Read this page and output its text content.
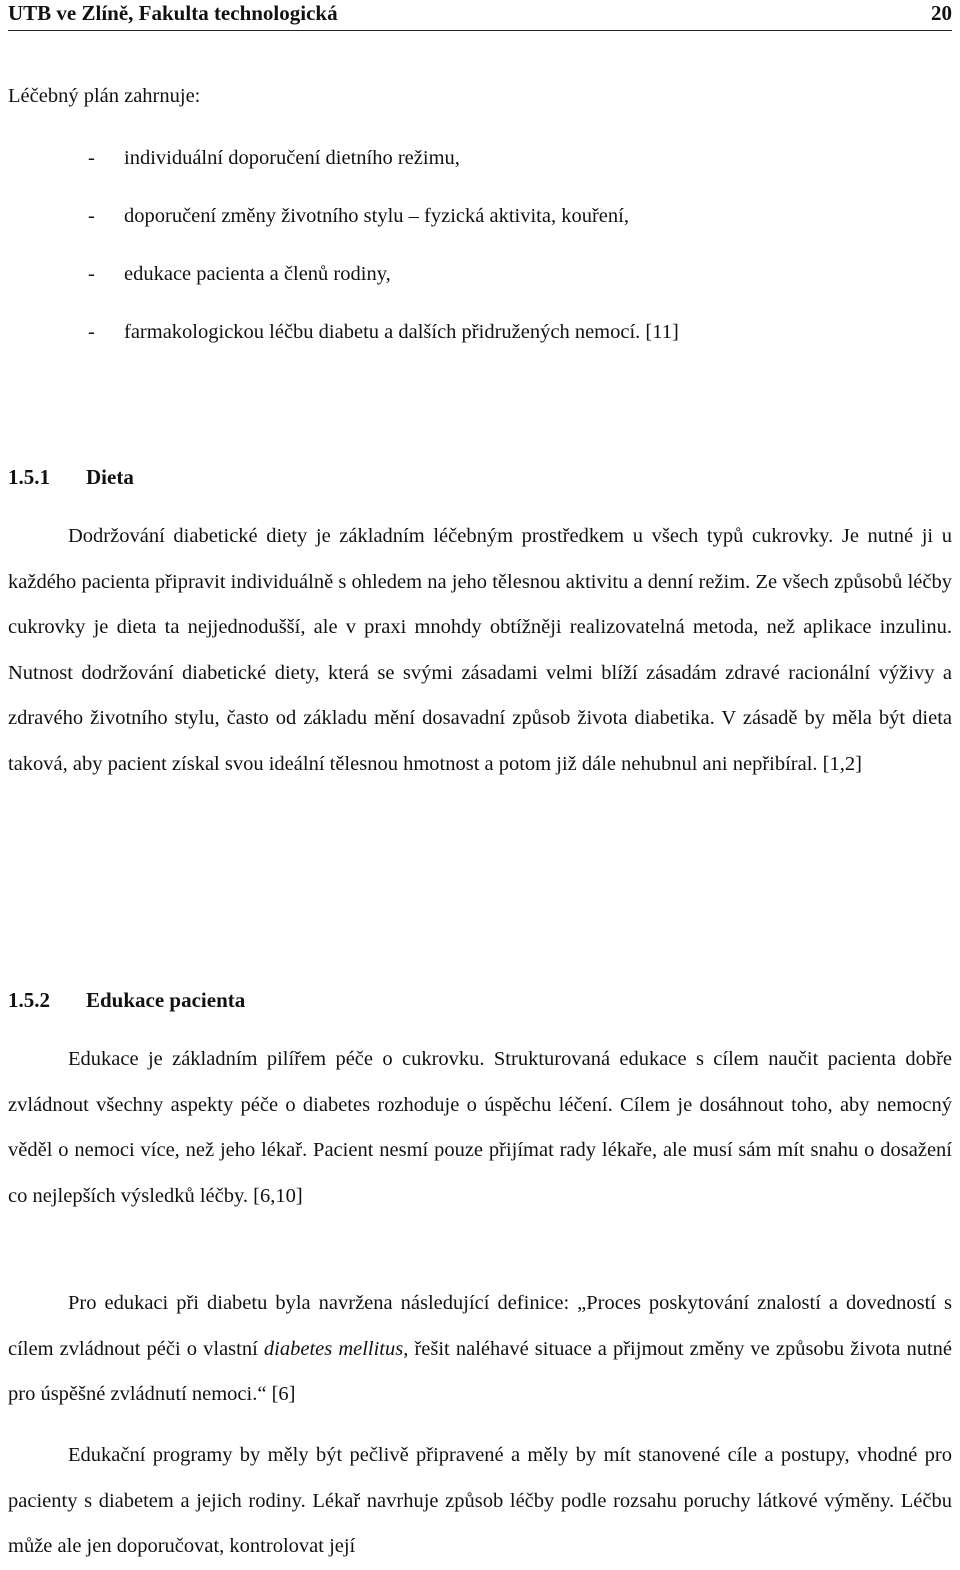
UTB ve Zlíně, Fakulta technologická	20
Léčebný plán zahrnuje:
- individuální doporučení dietního režimu,
- doporučení změny životního stylu – fyzická aktivita, kouření,
- edukace pacienta a členů rodiny,
- farmakologickou léčbu diabetu a dalších přidružených nemocí. [11]
1.5.1 Dieta

Dodržování diabetické diety je základním léčebným prostředkem u všech typů cukrovky. Je nutné ji u každého pacienta připravit individuálně s ohledem na jeho tělesnou aktivitu a denní režim. Ze všech způsobů léčby cukrovky je dieta ta nejjednodušší, ale v praxi mnohdy obtížněji realizovatelná metoda, než aplikace inzulinu. Nutnost dodržování diabetické diety, která se svými zásadami velmi blíží zásadám zdravé racionální výživy a zdravého životního stylu, často od základu mění dosavadní způsob života diabetika. V zásadě by měla být dieta taková, aby pacient získal svou ideální tělesnou hmotnost a potom již dále nehubnul ani nepřibíral. [1,2]

1.5.2 Edukace pacienta

Edukace je základním pilířem péče o cukrovku. Strukturovaná edukace s cílem naučit pacienta dobře zvládnout všechny aspekty péče o diabetes rozhoduje o úspěchu léčení. Cílem je dosáhnout toho, aby nemocný věděl o nemoci více, než jeho lékař. Pacient nesmí pouze přijímat rady lékaře, ale musí sám mít snahu o dosažení co nejlepších výsledků léčby. [6,10]

Pro edukaci při diabetu byla navržena následující definice: „Proces poskytování znalostí a dovedností s cílem zvládnout péči o vlastní diabetes mellitus, řešit naléhavé situace a přijmout změny ve způsobu života nutné pro úspěšné zvládnutí nemoci.“ [6]

Edukační programy by měly být pečlivě připravené a měly by mít stanovené cíle a postupy, vhodné pro pacienty s diabetem a jejich rodiny. Lékař navrhuje způsob léčby podle rozsahu poruchy látkové výměny. Léčbu může ale jen doporučovat, kontrolovat její
